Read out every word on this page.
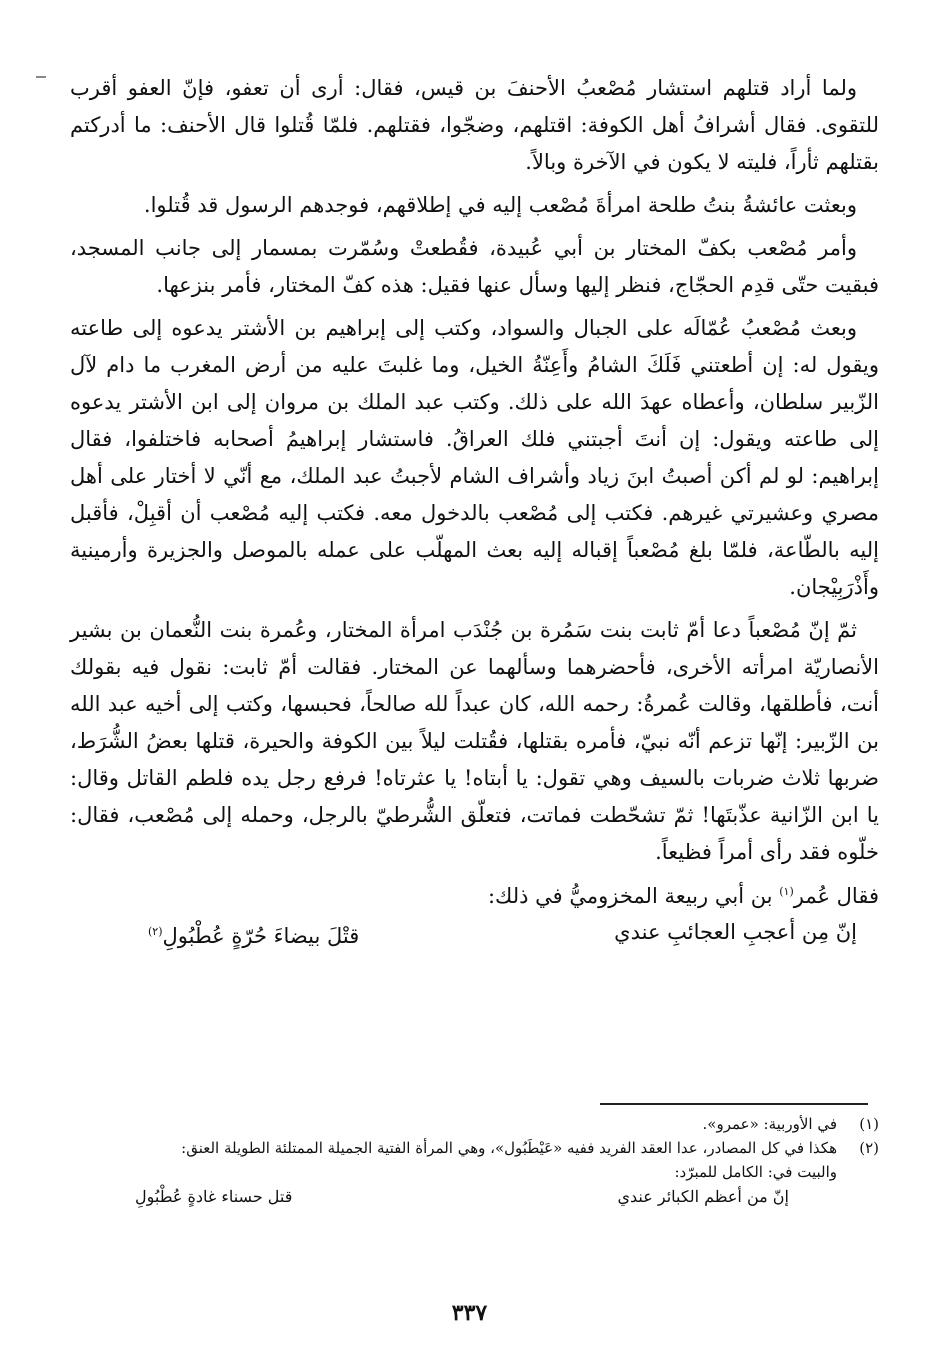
ولما أراد قتلهم استشار مُصْعبُ الأحنفَ بن قيس، فقال: أرى أن تعفو، فإنّ العفو أقرب للتقوى. فقال أشرافُ أهل الكوفة: اقتلهم، وضجّوا، فقتلهم. فلمّا قُتلوا قال الأحنف: ما أدركتم بقتلهم ثأراً، فليته لا يكون في الآخرة وبالاً.

وبعثت عائشةُ بنتُ طلحة امرأةَ مُصْعب إليه في إطلاقهم، فوجدهم الرسول قد قُتلوا.

وأمر مُصْعب بكفّ المختار بن أبي عُبيدة، فقُطعتْ وسُمّرت بمسمار إلى جانب المسجد، فبقيت حتّى قدِم الحجّاج، فنظر إليها وسأل عنها فقيل: هذه كفّ المختار، فأمر بنزعها.

وبعث مُصْعبُ عُمّالَه على الجبال والسواد، وكتب إلى إبراهيم بن الأشتر يدعوه إلى طاعته ويقول له: إن أطعتني فَلَكَ الشامُ وأَعِنّةُ الخيل، وما غلبتَ عليه من أرض المغرب ما دام لآل الزّبير سلطان، وأعطاه عهدَ الله على ذلك. وكتب عبد الملك بن مروان إلى ابن الأشتر يدعوه إلى طاعته ويقول: إن أنتَ أجبتني فلك العراقُ. فاستشار إبراهيمُ أصحابه فاختلفوا، فقال إبراهيم: لو لم أكن أصبتُ ابنَ زياد وأشراف الشام لأجبتُ عبد الملك، مع أنّي لا أختار على أهل مصري وعشيرتي غيرهم. فكتب إلى مُصْعب بالدخول معه. فكتب إليه مُصْعب أن أقبِلْ، فأقبل إليه بالطّاعة، فلمّا بلغ مُصْعباً إقباله إليه بعث المهلّب على عمله بالموصل والجزيرة وأرمينية وأَذْرَبِيْجان.

ثمّ إنّ مُصْعباً دعا أمّ ثابت بنت سَمُرة بن جُنْدَب امرأة المختار، وعُمرة بنت النُّعمان بن بشير الأنصاريّة امرأته الأخرى، فأحضرهما وسألهما عن المختار. فقالت أمّ ثابت: نقول فيه بقولك أنت، فأطلقها، وقالت عُمرةُ: رحمه الله، كان عبداً لله صالحاً، فحبسها، وكتب إلى أخيه عبد الله بن الزّبير: إنّها تزعم أنّه نبيّ، فأمره بقتلها، فقُتلت ليلاً بين الكوفة والحيرة، قتلها بعضُ الشُّرَط، ضربها ثلاث ضربات بالسيف وهي تقول: يا أبتاه! يا عثرتاه! فرفع رجل يده فلطم القاتل وقال: يا ابن الزّانية عذّبتَها! ثمّ تشحّطت فماتت، فتعلّق الشُّرطيّ بالرجل، وحمله إلى مُصْعب، فقال: خلّوه فقد رأى أمراً فظيعاً.

فقال عُمر$^{(١)}$ بن أبي ربيعة المخزوميُّ في ذلك:

إنّ مِن أعجبِ العجائبِ عندي
قتْلَ بيضاءَ حُرّةٍ عُطْبُولِ$^{(٢)}$
(١)
في الأوربية: «عمرو».
(٢)
هكذا في كل المصادر، عدا العقد الفريد ففيه «عَيْطَبُول»، وهي المرأة الفتية الجميلة الممتلئة الطويلة العنق:
والبيت في: الكامل للمبرّد:
إنّ من أعظم الكبائر عندي
قتل حسناء غادةٍ عُطْبُولِ
٣٣٧
